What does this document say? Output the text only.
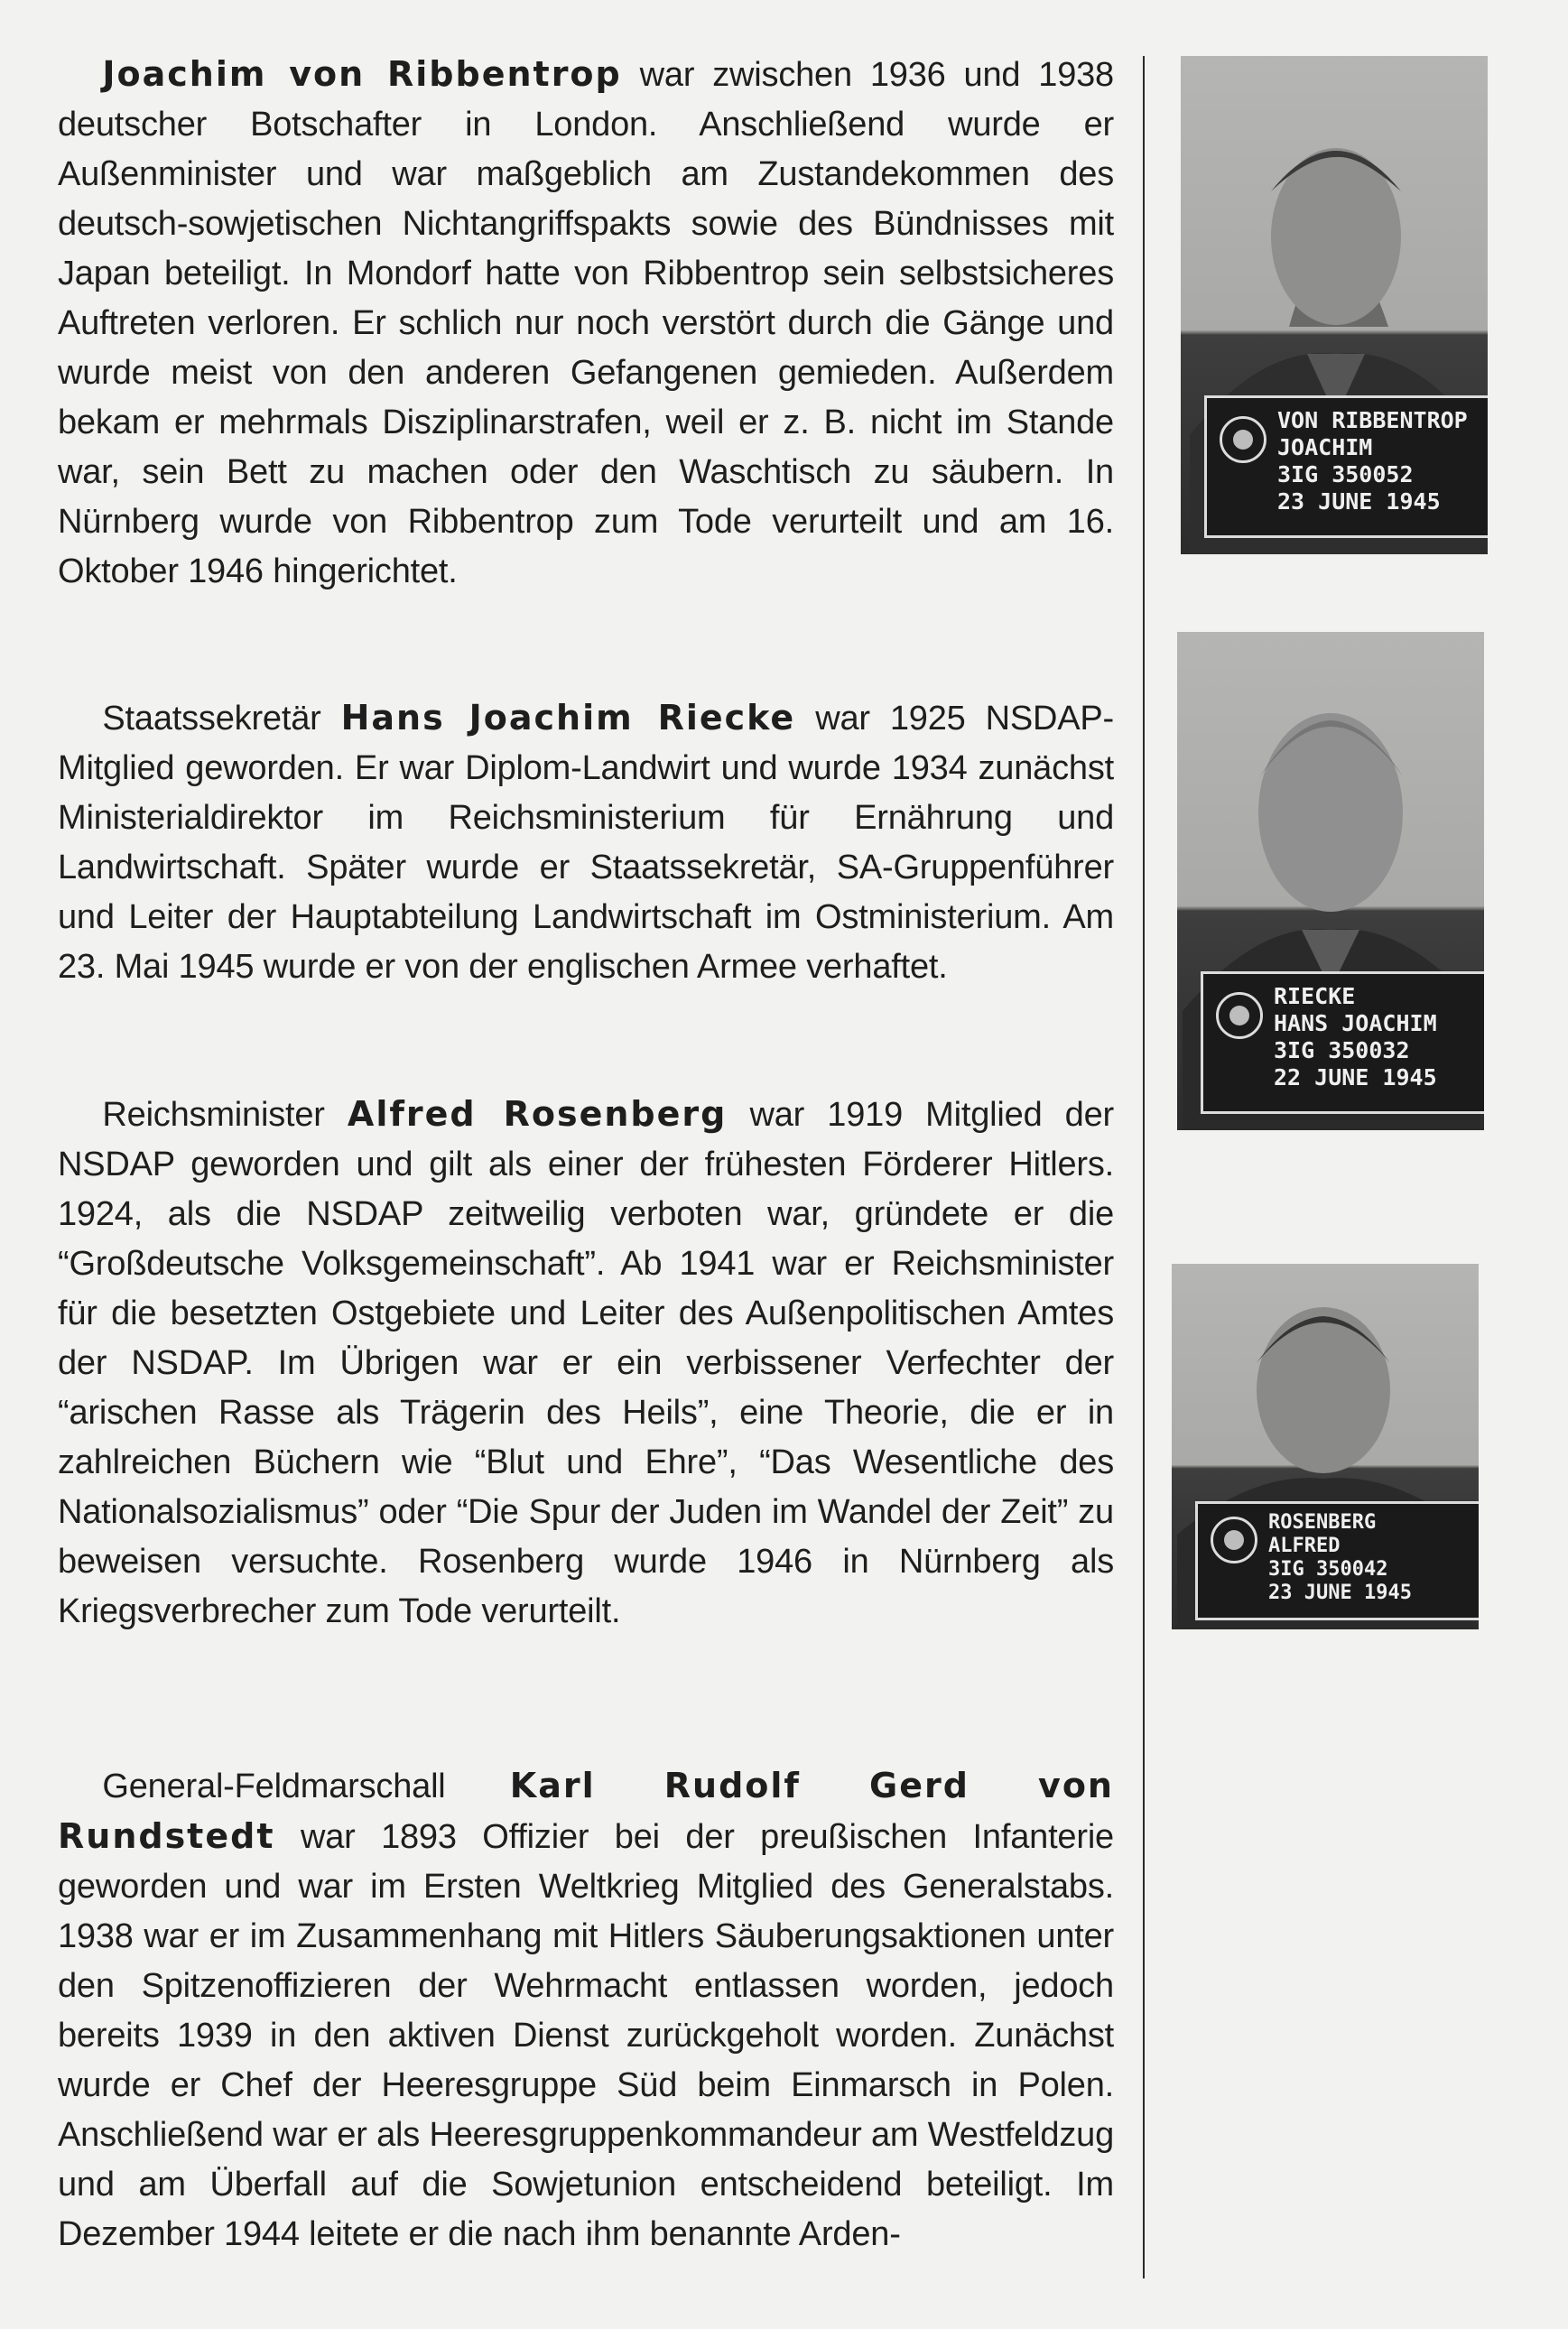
Joachim von Ribbentrop war zwischen 1936 und 1938 deutscher Botschafter in London. Anschließend wurde er Außenminister und war maßgeblich am Zustandekommen des deutsch-sowjetischen Nichtangriffspakts sowie des Bündnisses mit Japan beteiligt. In Mondorf hatte von Ribbentrop sein selbstsicheres Auftreten verloren. Er schlich nur noch verstört durch die Gänge und wurde meist von den anderen Gefangenen gemieden. Außerdem bekam er mehrmals Disziplinarstrafen, weil er z. B. nicht im Stande war, sein Bett zu machen oder den Waschtisch zu säubern. In Nürnberg wurde von Ribbentrop zum Tode verurteilt und am 16. Oktober 1946 hingerichtet.

Staatssekretär Hans Joachim Riecke war 1925 NSDAP-Mitglied geworden. Er war Diplom-Landwirt und wurde 1934 zunächst Ministerialdirektor im Reichsministerium für Ernährung und Landwirtschaft. Später wurde er Staatssekretär, SA-Gruppenführer und Leiter der Hauptabteilung Landwirtschaft im Ostministerium. Am 23. Mai 1945 wurde er von der englischen Armee verhaftet.

Reichsminister Alfred Rosenberg war 1919 Mitglied der NSDAP geworden und gilt als einer der frühesten Förderer Hitlers. 1924, als die NSDAP zeitweilig verboten war, gründete er die “Großdeutsche Volksgemeinschaft”. Ab 1941 war er Reichsminister für die besetzten Ostgebiete und Leiter des Außenpolitischen Amtes der NSDAP. Im Übrigen war er ein verbissener Verfechter der “arischen Rasse als Trägerin des Heils”, eine Theorie, die er in zahlreichen Büchern wie “Blut und Ehre”, “Das Wesentliche des Nationalsozialismus” oder “Die Spur der Juden im Wandel der Zeit” zu beweisen versuchte. Rosenberg wurde 1946 in Nürnberg als Kriegsverbrecher zum Tode verurteilt.

General-Feldmarschall Karl Rudolf Gerd von Rundstedt war 1893 Offizier bei der preußischen Infanterie geworden und war im Ersten Weltkrieg Mitglied des Generalstabs. 1938 war er im Zusammenhang mit Hitlers Säuberungsaktionen unter den Spitzenoffizieren der Wehrmacht entlassen worden, jedoch bereits 1939 in den aktiven Dienst zurückgeholt worden. Zunächst wurde er Chef der Heeresgruppe Süd beim Einmarsch in Polen. Anschließend war er als Heeresgruppenkommandeur am Westfeldzug und am Überfall auf die Sowjetunion entscheidend beteiligt. Im Dezember 1944 leitete er die nach ihm benannte Arden-

VON RIBBENTROP
JOACHIM
3IG 350052
23 JUNE 1945
RIECKE
HANS JOACHIM
3IG 350032
22 JUNE 1945
ROSENBERG
ALFRED
3IG 350042
23 JUNE 1945
